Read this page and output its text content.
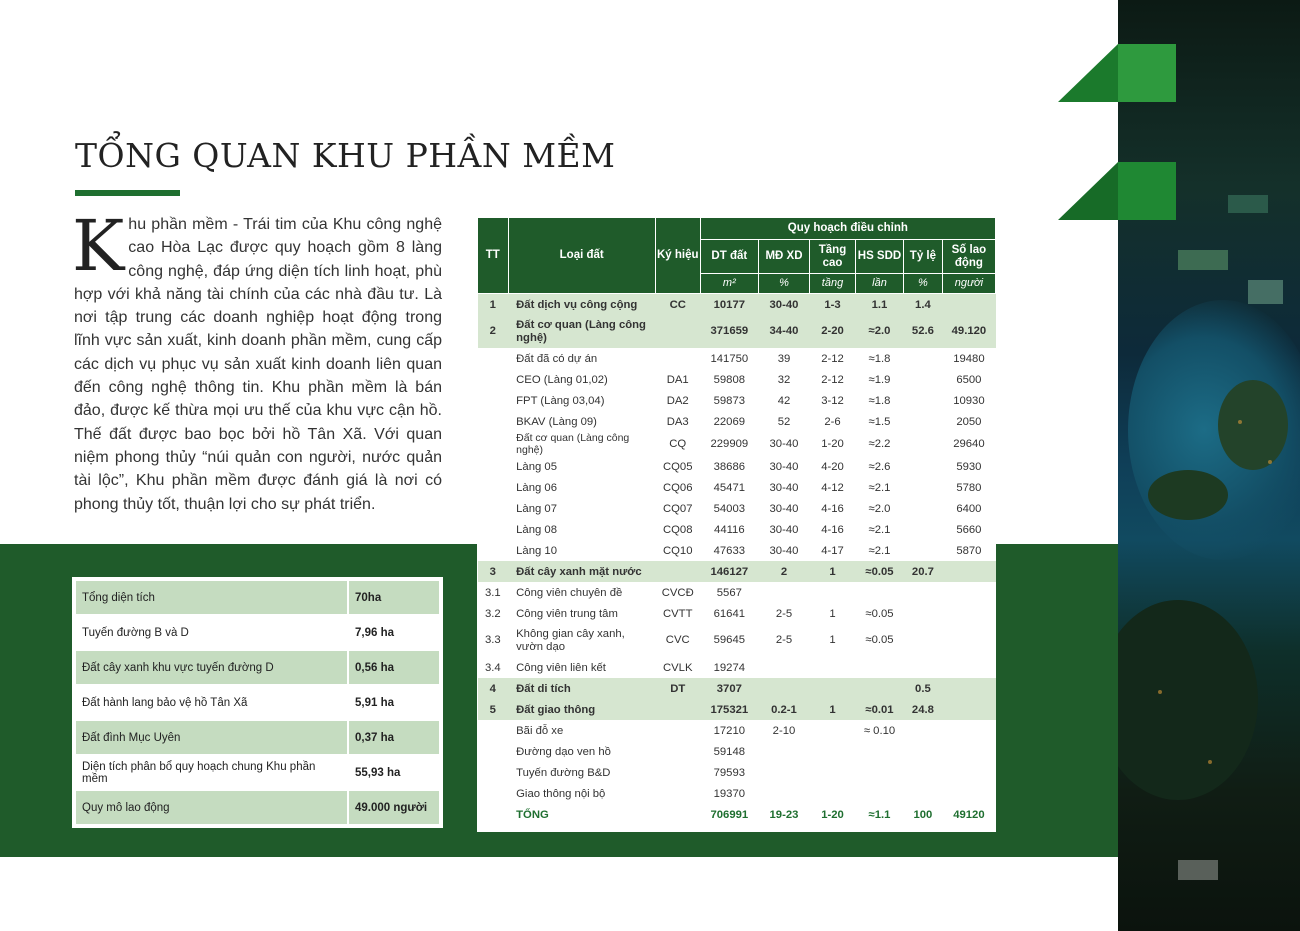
TỔNG QUAN KHU PHẦN MỀM
Khu phần mềm - Trái tim của Khu công nghệ cao Hòa Lạc được quy hoạch gồm 8 làng công nghệ, đáp ứng diện tích linh hoạt, phù hợp với khả năng tài chính của các nhà đầu tư. Là nơi tập trung các doanh nghiệp hoạt động trong lĩnh vực sản xuất, kinh doanh phần mềm, cung cấp các dịch vụ phục vụ sản xuất kinh doanh liên quan đến công nghệ thông tin. Khu phần mềm là bán đảo, được kế thừa mọi ưu thế của khu vực cận hồ. Thế đất được bao bọc bởi hồ Tân Xã. Với quan niệm phong thủy “núi quản con người, nước quản tài lộc”, Khu phần mềm được đánh giá là nơi có phong thủy tốt, thuận lợi cho sự phát triển.
Tổng diện tích	70ha
Tuyến đường B và D	7,96 ha
Đất cây xanh khu vực tuyến đường D	0,56 ha
Đất hành lang bảo vệ hồ Tân Xã	5,91 ha
Đất đình Mục Uyên	0,37 ha
Diện tích phân bổ quy hoạch chung Khu phần mềm	55,93 ha
Quy mô lao động	49.000 người
TT	Loại đất	Ký hiệu	Quy hoạch điều chỉnh					
			DT đất	MĐ XD	Tầng cao	HS SDD	Tỷ lệ	Số lao động
			m²	%	tầng	lần	%	người
1	Đất dịch vụ công cộng	CC	10177	30-40	1-3	1.1	1.4	
2	Đất cơ quan (Làng công nghệ)		371659	34-40	2-20	≈2.0	52.6	49.120
	Đất đã có dự án		141750	39	2-12	≈1.8		19480
	CEO (Làng 01,02)	DA1	59808	32	2-12	≈1.9		6500
	FPT (Làng 03,04)	DA2	59873	42	3-12	≈1.8		10930
	BKAV (Làng 09)	DA3	22069	52	2-6	≈1.5		2050
	Đất cơ quan (Làng công nghệ)	CQ	229909	30-40	1-20	≈2.2		29640
	Làng 05	CQ05	38686	30-40	4-20	≈2.6		5930
	Làng 06	CQ06	45471	30-40	4-12	≈2.1		5780
	Làng 07	CQ07	54003	30-40	4-16	≈2.0		6400
	Làng 08	CQ08	44116	30-40	4-16	≈2.1		5660
	Làng 10	CQ10	47633	30-40	4-17	≈2.1		5870
3	Đất cây xanh mặt nước		146127	2	1	≈0.05	20.7	
3.1	Công viên chuyên đề	CVCĐ	5567					
3.2	Công viên trung tâm	CVTT	61641	2-5	1	≈0.05		
3.3	Không gian cây xanh, vườn dạo	CVC	59645	2-5	1	≈0.05		
3.4	Công viên liên kết	CVLK	19274					
4	Đất di tích	DT	3707				0.5	
5	Đất giao thông		175321	0.2-1	1	≈0.01	24.8	
	Bãi đỗ xe		17210	2-10		≈ 0.10		
	Đường dạo ven hồ		59148					
	Tuyến đường B&D		79593					
	Giao thông nội bộ		19370					
	TỔNG		706991	19-23	1-20	≈1.1	100	49120
